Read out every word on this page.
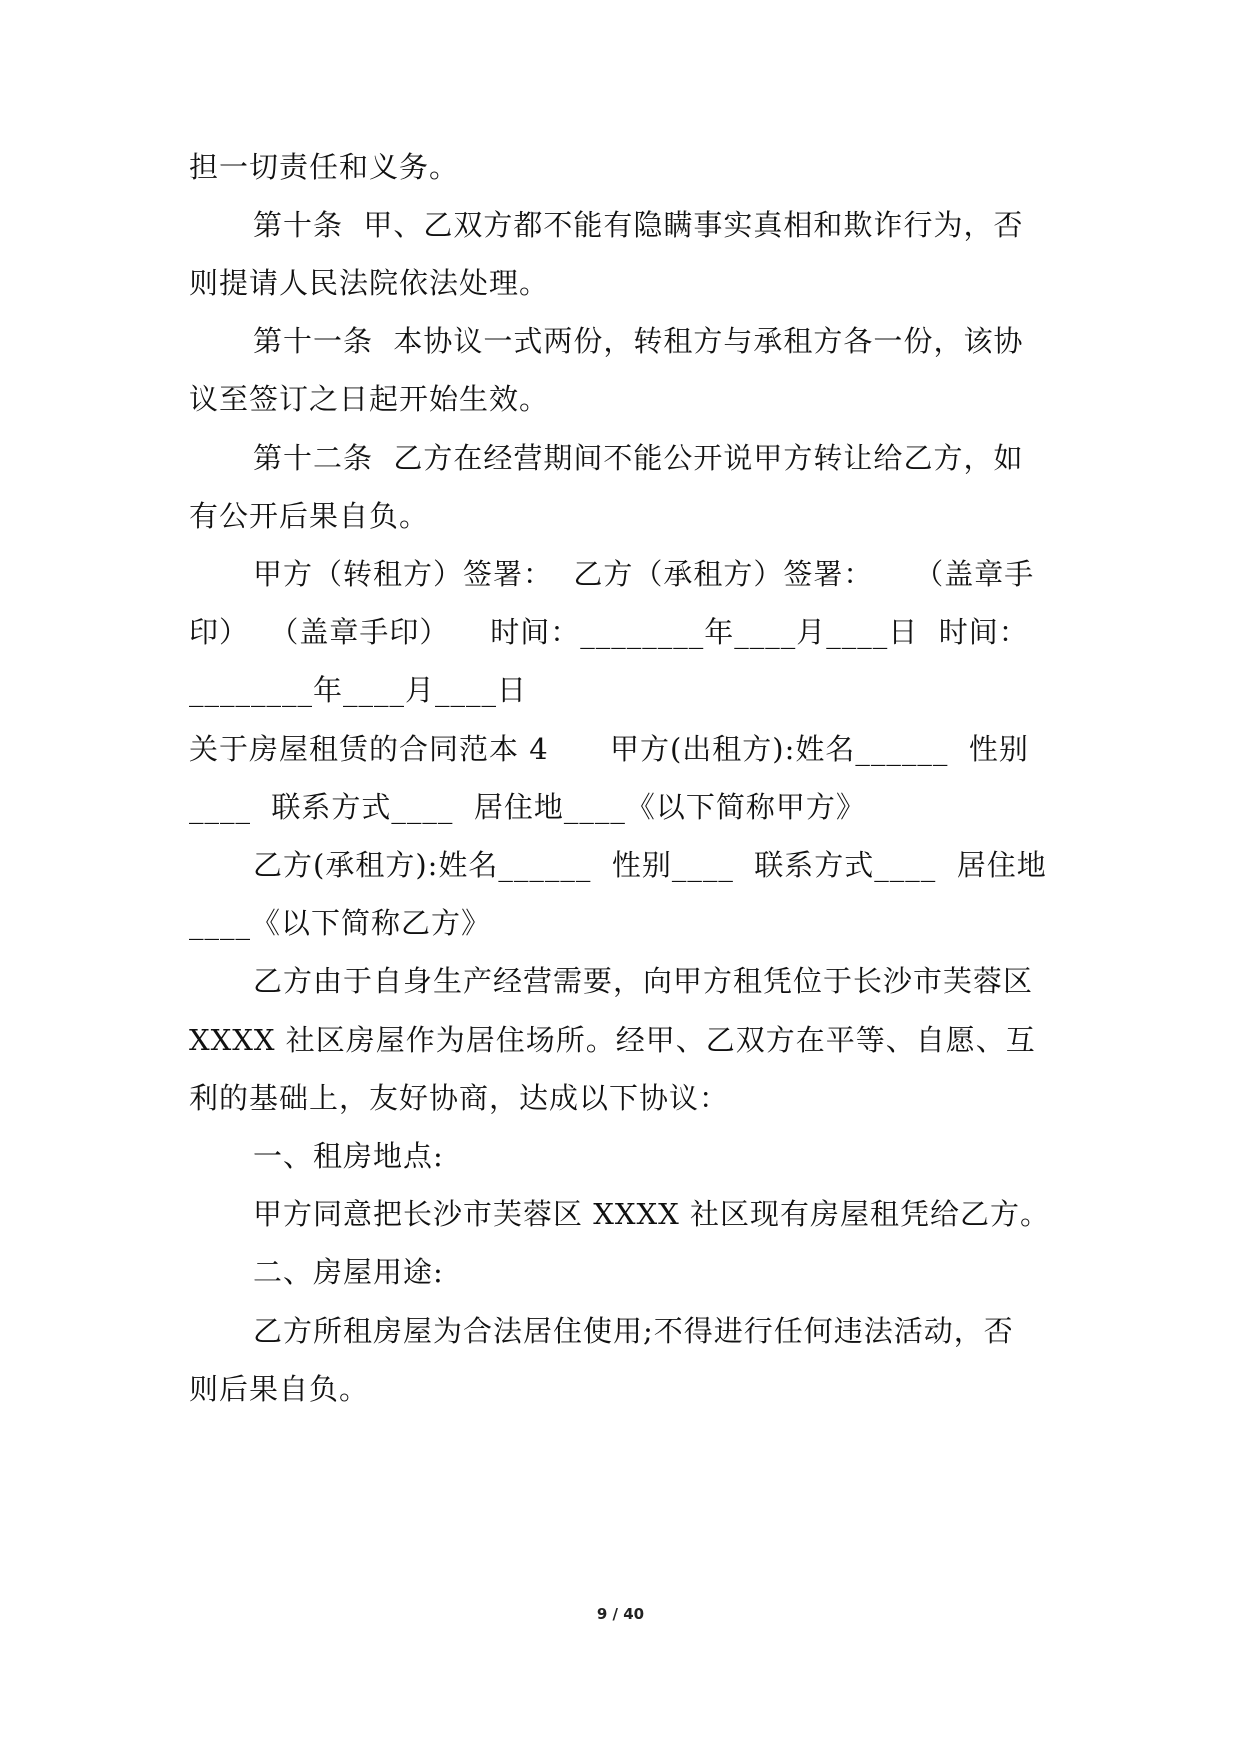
担一切责任和义务。
第十条  甲、乙双方都不能有隐瞒事实真相和欺诈行为，否
则提请人民法院依法处理。
第十一条  本协议一式两份，转租方与承租方各一份，该协
议至签订之日起开始生效。
第十二条  乙方在经营期间不能公开说甲方转让给乙方，如
有公开后果自负。
甲方（转租方）签署：  乙方（承租方）签署：    （盖章手
印）  （盖章手印）    时间：________年____月____日  时间：
________年____月____日
关于房屋租赁的合同范本 4      甲方(出租方):姓名______  性别
____  联系方式____  居住地____《以下简称甲方》
乙方(承租方):姓名______  性别____  联系方式____  居住地
____《以下简称乙方》
乙方由于自身生产经营需要，向甲方租凭位于长沙市芙蓉区
XXXX 社区房屋作为居住场所。经甲、乙双方在平等、自愿、互
利的基础上，友好协商，达成以下协议：
一、租房地点:
甲方同意把长沙市芙蓉区 XXXX 社区现有房屋租凭给乙方。
二、房屋用途:
乙方所租房屋为合法居住使用;不得进行任何违法活动，否
则后果自负。
9 / 40
